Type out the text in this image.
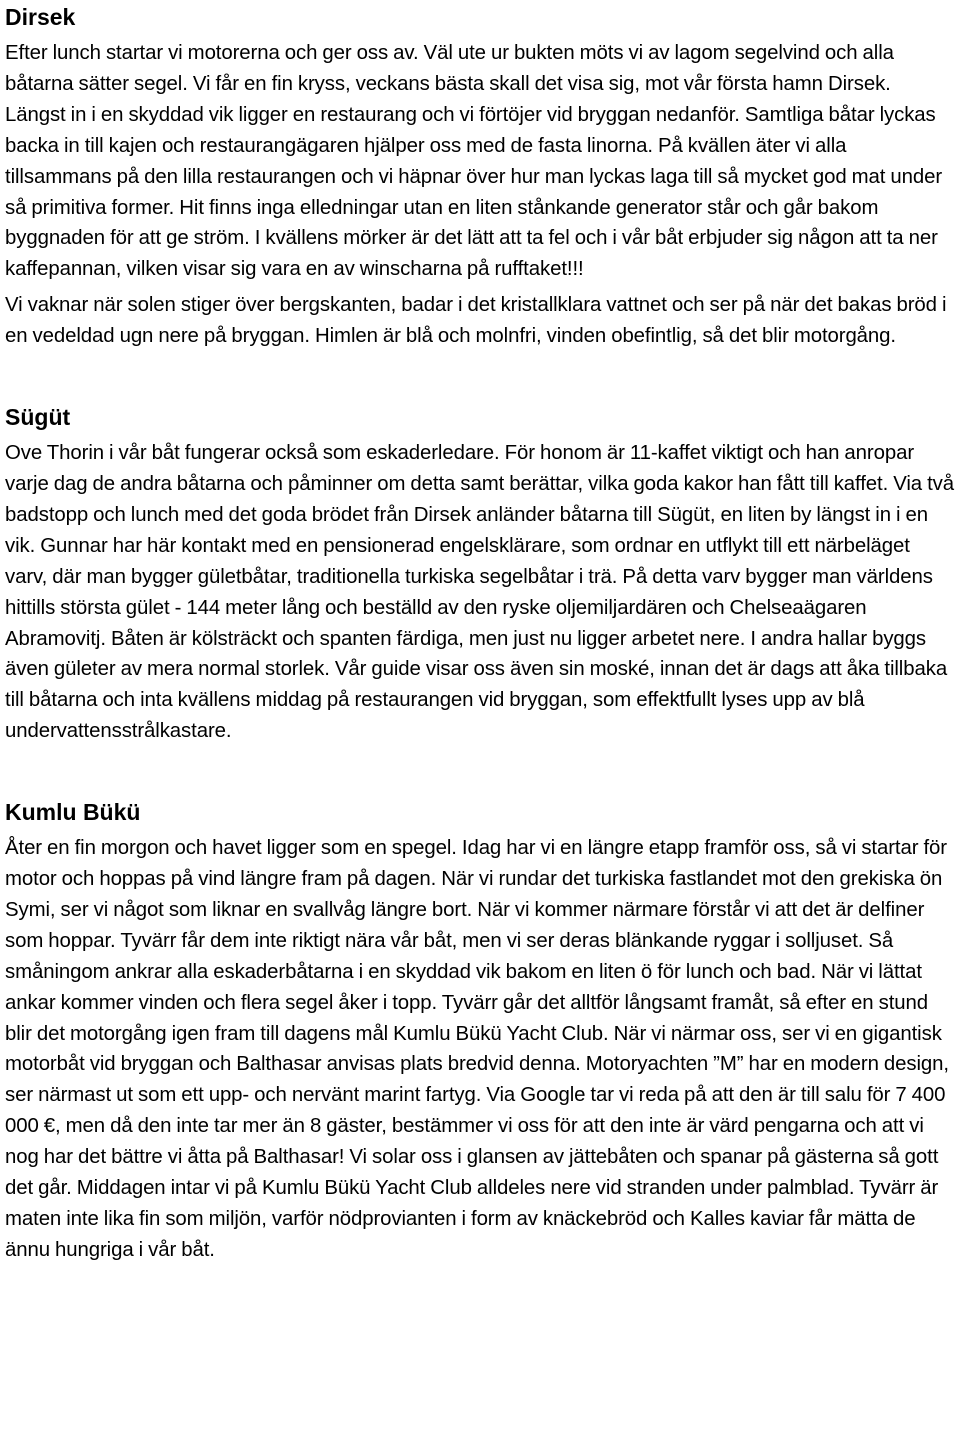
Dirsek

Efter lunch startar vi motorerna och ger oss av. Väl ute ur bukten möts vi av lagom segelvind och alla båtarna sätter segel. Vi får en fin kryss, veckans bästa skall det visa sig, mot vår första hamn Dirsek. Längst in i en skyddad vik ligger en restaurang och vi förtöjer vid bryggan nedanför. Samtliga båtar lyckas backa in till kajen och restaurangägaren hjälper oss med de fasta linorna. På kvällen äter vi alla tillsammans på den lilla restaurangen och vi häpnar över hur man lyckas laga till så mycket god mat under så primitiva former. Hit finns inga elledningar utan en liten stånkande generator står och går bakom byggnaden för att ge ström. I kvällens mörker är det lätt att ta fel och i vår båt erbjuder sig någon att ta ner kaffepannan, vilken visar sig vara en av winscharna på rufftaket!!!

Vi vaknar när solen stiger över bergskanten, badar i det kristallklara vattnet och ser på när det bakas bröd i en vedeldad ugn nere på bryggan. Himlen är blå och molnfri, vinden obefintlig, så det blir motorgång.

Sügüt

Ove Thorin i vår båt fungerar också som eskaderledare. För honom är 11-kaffet viktigt och han anropar varje dag de andra båtarna och påminner om detta samt berättar, vilka goda kakor han fått till kaffet. Via två badstopp och lunch med det goda brödet från Dirsek anländer båtarna till Sügüt, en liten by längst in i en vik. Gunnar har här kontakt med en pensionerad engelsklärare, som ordnar en utflykt till ett närbeläget varv, där man bygger gületbåtar, traditionella turkiska segelbåtar i trä. På detta varv bygger man världens hittills största gület - 144 meter lång och beställd av den ryske oljemiljardären och Chelseaägaren Abramovitj. Båten är kölsträckt och spanten färdiga, men just nu ligger arbetet nere. I andra hallar byggs även gületer av mera normal storlek. Vår guide visar oss även sin moské, innan det är dags att åka tillbaka till båtarna och inta kvällens middag på restaurangen vid bryggan, som effektfullt lyses upp av blå undervattensstrålkastare.

Kumlu Bükü

Åter en fin morgon och havet ligger som en spegel. Idag har vi en längre etapp framför oss, så vi startar för motor och hoppas på vind längre fram på dagen. När vi rundar det turkiska fastlandet mot den grekiska ön Symi, ser vi något som liknar en svallvåg längre bort. När vi kommer närmare förstår vi att det är delfiner som hoppar. Tyvärr får dem inte riktigt nära vår båt, men vi ser deras blänkande ryggar i solljuset. Så småningom ankrar alla eskaderbåtarna i en skyddad vik bakom en liten ö för lunch och bad. När vi lättat ankar kommer vinden och flera segel åker i topp. Tyvärr går det alltför långsamt framåt, så efter en stund blir det motorgång igen fram till dagens mål Kumlu Bükü Yacht Club. När vi närmar oss, ser vi en gigantisk motorbåt vid bryggan och Balthasar anvisas plats bredvid denna. Motoryachten ”M” har en modern design, ser närmast ut som ett upp- och nervänt marint fartyg. Via Google tar vi reda på att den är till salu för 7 400 000 €, men då den inte tar mer än 8 gäster, bestämmer vi oss för att den inte är värd pengarna och att vi nog har det bättre vi åtta på Balthasar! Vi solar oss i glansen av jättebåten och spanar på gästerna så gott det går. Middagen intar vi på Kumlu Bükü Yacht Club alldeles nere vid stranden under palmblad. Tyvärr är maten inte lika fin som miljön, varför nödprovianten i form av knäckebröd och Kalles kaviar får mätta de ännu hungriga i vår båt.
